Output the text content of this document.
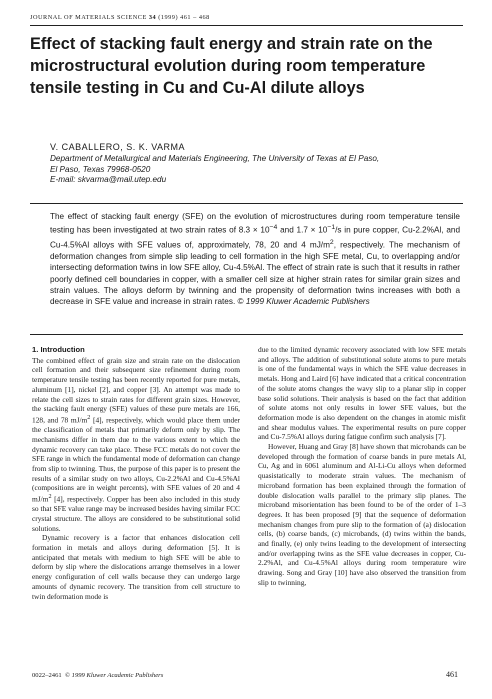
JOURNAL OF MATERIALS SCIENCE 34 (1999) 461 – 468
Effect of stacking fault energy and strain rate on the microstructural evolution during room temperature tensile testing in Cu and Cu-Al dilute alloys
V. CABALLERO, S. K. VARMA
Department of Metallurgical and Materials Engineering, The University of Texas at El Paso,
El Paso, Texas 79968-0520
E-mail: skvarma@mail.utep.edu

The effect of stacking fault energy (SFE) on the evolution of microstructures during room temperature tensile testing has been investigated at two strain rates of $8.3 \times 10^{-4}$ and $1.7 \times 10^{-1}/s$ in pure copper, Cu-2.2%Al, and Cu-4.5%Al alloys with SFE values of, approximately, 78, 20 and 4 $mJ/m^2$, respectively. The mechanism of deformation changes from simple slip leading to cell formation in the high SFE metal, Cu, to overlapping and/or intersecting deformation twins in low SFE alloy, Cu-4.5%Al. The effect of strain rate is such that it results in rather poorly defined cell boundaries in copper, with a smaller cell size at higher strain rates for similar grain sizes and strain values. The alloys deform by twinning and the propensity of deformation twins increases with both a decrease in SFE value and increase in strain rates. © 1999 Kluwer Academic Publishers

1. Introduction

The combined effect of grain size and strain rate on the dislocation cell formation and their subsequent size refinement during room temperature tensile testing has been recently reported for pure metals, aluminum [1], nickel [2], and copper [3]. An attempt was made to relate the cell sizes to strain rates for different grain sizes. However, the stacking fault energy (SFE) values of these pure metals are 166, 128, and 78 $mJ/m^2$ [4], respectively, which would place them under the classification of metals that primarily deform only by slip. The mechanisms differ in them due to the various extent to which the dynamic recovery can take place. These FCC metals do not cover the SFE range in which the fundamental mode of deformation can change from slip to twinning. Thus, the purpose of this paper is to present the results of a similar study on two alloys, Cu-2.2%Al and Cu-4.5%Al (compositions are in weight percents), with SFE values of 20 and 4 $mJ/m^2$ [4], respectively. Copper has been also included in this study so that SFE value range may be increased besides having similar FCC crystal structure. The alloys are considered to be substitutional solid solutions.

Dynamic recovery is a factor that enhances dislocation cell formation in metals and alloys during deformation [5]. It is anticipated that metals with medium to high SFE will be able to deform by slip where the dislocations arrange themselves in a lower energy configuration of cell walls because they can undergo large amounts of dynamic recovery. The transition from cell structure to twin deformation mode is

due to the limited dynamic recovery associated with low SFE metals and alloys. The addition of substitutional solute atoms to pure metals is one of the fundamental ways in which the SFE value decreases in metals. Hong and Laird [6] have indicated that a critical concentration of the solute atoms changes the wavy slip to a planar slip in copper base solid solutions. Their analysis is based on the fact that addition of solute atoms not only results in lower SFE values, but the deformation mode is also dependent on the changes in atomic misfit and shear modulus values. The experimental results on pure copper and Cu-7.5%Al alloys during fatigue confirm such analysis [7].

However, Huang and Gray [8] have shown that microbands can be developed through the formation of coarse bands in pure metals Al, Cu, Ag and in 6061 aluminum and Al-Li-Cu alloys when deformed quasistatically to moderate strain values. The mechanism of microband formation has been explained through the formation of double dislocation walls parallel to the primary slip planes. The microband misorientation has been found to be of the order of 1–3 degrees. It has been proposed [9] that the sequence of deformation mechanism changes from pure slip to the formation of (a) dislocation cells, (b) coarse bands, (c) microbands, (d) twins within the bands, and finally, (e) only twins leading to the development of intersecting and/or overlapping twins as the SFE value decreases in copper, Cu-2.2%Al, and Cu-4.5%Al alloys during room temperature wire drawing. Song and Gray [10] have also observed the transition from slip to twinning,

0022–2461 © 1999 Kluwer Academic Publishers	461
